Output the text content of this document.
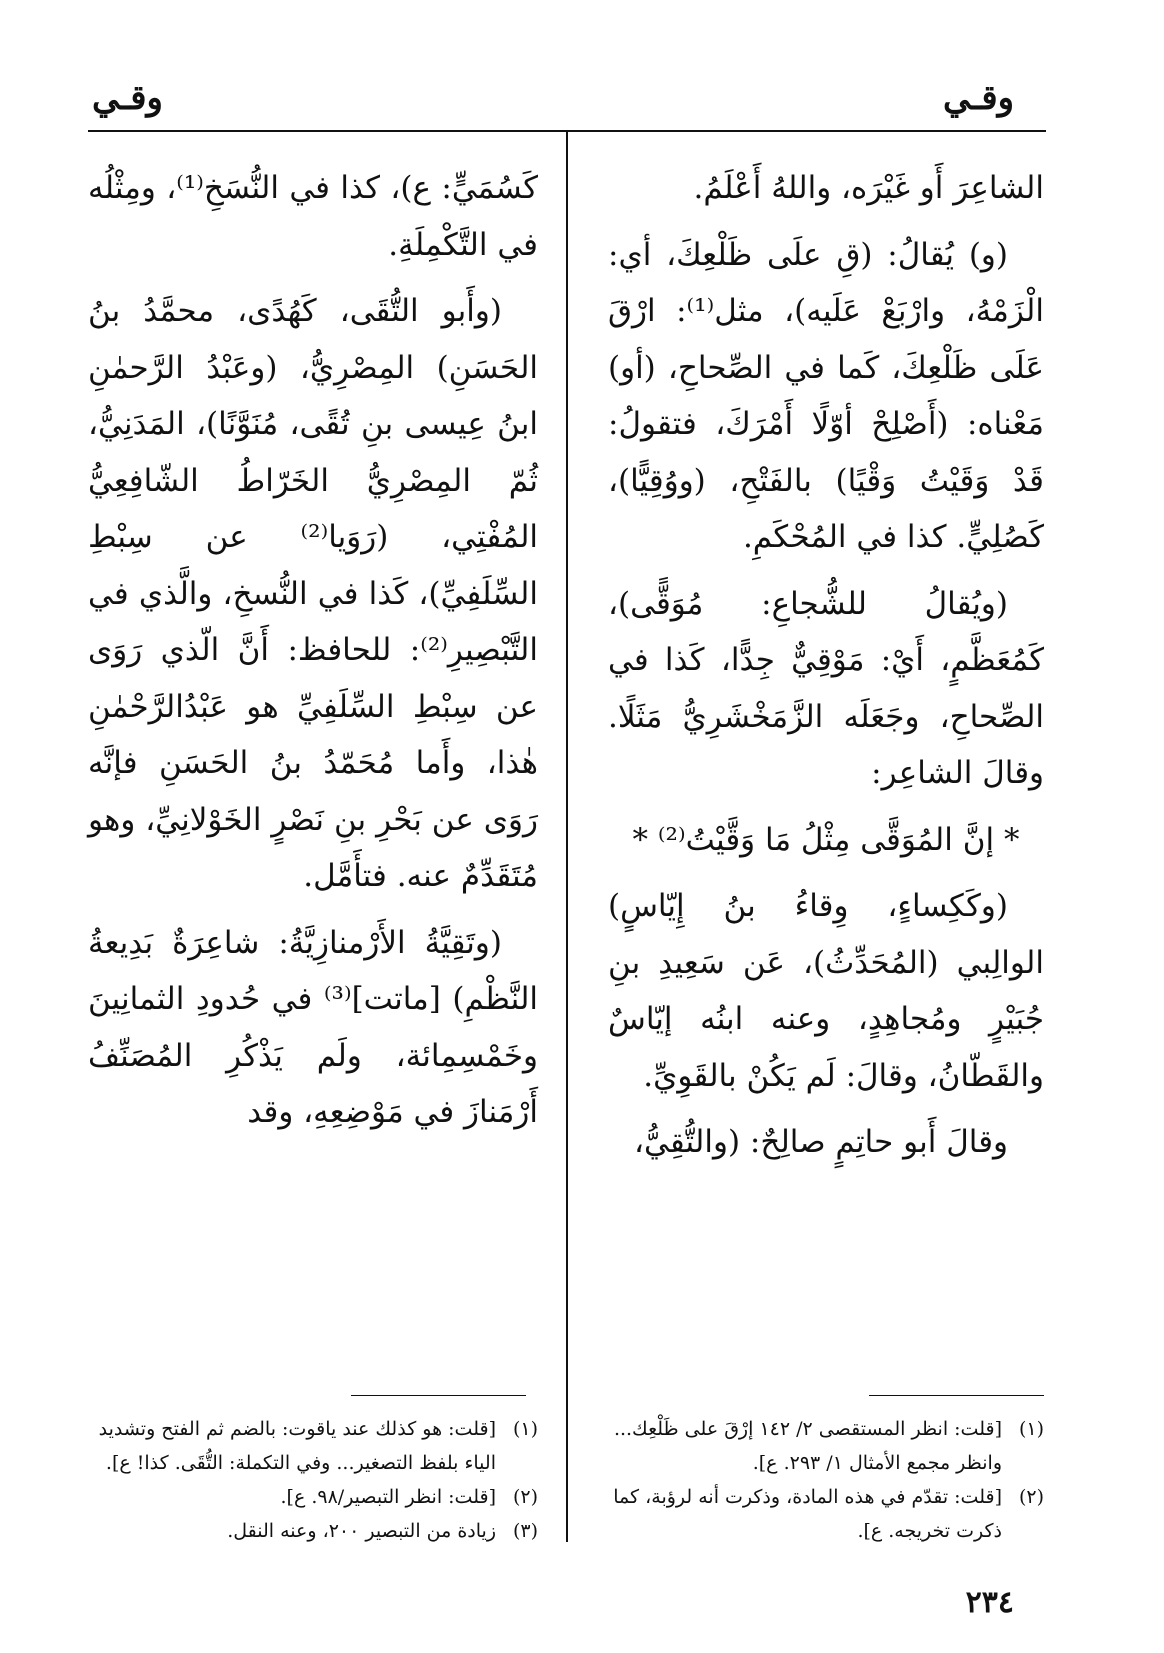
وقـي
وقـي

الشاعِرَ أَو غَيْرَه، واللهُ أَعْلَمُ.

(و) يُقالُ: (قِ علَى ظَلْعِكَ، أي: الْزَمْهُ، وارْبَعْ عَلَيه)، مثل⁽¹⁾: ارْقَ عَلَى ظَلْعِكَ، كَما في الصِّحاحِ، (أو) مَعْناه: (أَصْلِحْ أوّلًا أَمْرَكَ، فتقولُ: قَدْ وَقَيْتُ وَقْيًا) بالفَتْحِ، (ووُقِيًّا)، كَصُلِيٍّ. كذا في المُحْكَمِ.

(ويُقالُ للشُّجاعِ: مُوَقًّى)، كَمُعَظَّمٍ، أَيْ: مَوْقِيٌّ جِدًّا، كَذا في الصِّحاحِ، وجَعَلَه الزَّمَخْشَرِيُّ مَثَلًا. وقالَ الشاعِر:

* إنَّ المُوَقَّى مِثْلُ مَا وَقَّيْتُ⁽²⁾ *

(وكَكِساءٍ، وِقاءُ بنُ إِيّاسٍ) الوالِبي (المُحَدِّثُ)، عَن سَعِيدِ بنِ جُبَيْرٍ ومُجاهِدٍ، وعنه ابنُه إيّاسٌ والقَطّانُ، وقالَ: لَم يَكُنْ بالقَوِيِّ.

وقالَ أَبو حاتِمٍ صالِحٌ: (والتُّقِيُّ،

كَسُمَيٍّ: ع)، كذا في النُّسَخِ⁽¹⁾، ومِثْلُه في التَّكْمِلَةِ.

(وأَبو التُّقَى، كَهُدًى، محمَّدُ بنُ الحَسَنِ) المِصْرِيُّ، (وعَبْدُ الرَّحمٰنِ ابنُ عِيسى بنِ تُقًى، مُنَوَّنًا)، المَدَنِيُّ، ثُمّ المِصْرِيُّ الخَرّاطُ الشّافِعِيُّ المُفْتِي، (رَوَيا⁽²⁾ عن سِبْطِ السِّلَفِيِّ)، كَذا في النُّسخِ، والَّذي في التَّبْصِيرِ⁽²⁾: للحافظ: أَنَّ الّذي رَوَى عن سِبْطِ السِّلَفِيِّ هو عَبْدُالرَّحْمٰنِ هٰذا، وأَما مُحَمّدُ بنُ الحَسَنِ فإنَّه رَوَى عن بَحْرِ بنِ نَصْرٍ الخَوْلانِيِّ، وهو مُتَقَدِّمٌ عنه. فتأَمَّل.

(وتَقِيَّةُ الأَرْمنازِيَّةُ: شاعِرَةٌ بَدِيعةُ النَّظْمِ) [ماتت]⁽³⁾ في حُدودِ الثمانِينَ وخَمْسِمِائة، ولَم يَذْكُرِ المُصَنِّفُ أَرْمَنازَ في مَوْضِعِهِ، وقد

(١)
[قلت: انظر المستقصى ٢/ ١٤٢ إرْقَ على ظَلْعِك... وانظر مجمع الأمثال ١/ ٢٩٣. ع].

(٢)
[قلت: تقدّم في هذه المادة، وذكرت أنه لرؤبة، كما ذكرت تخريجه. ع].

(١)
[قلت: هو كذلك عند ياقوت: بالضم ثم الفتح وتشديد الياء بلفظ التصغير... وفي التكملة: التُّقَى. كذا! ع].

(٢)
[قلت: انظر التبصير/٩٨. ع].

(٣)
زيادة من التبصير ٢٠٠، وعنه النقل.

٢٣٤
